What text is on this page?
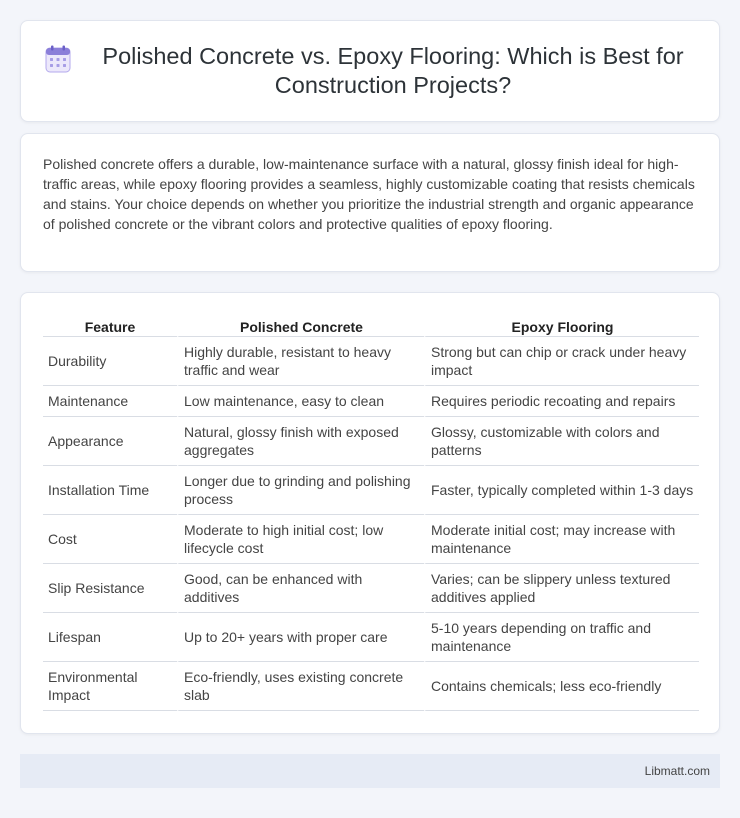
Polished Concrete vs. Epoxy Flooring: Which is Best for Construction Projects?

Polished concrete offers a durable, low-maintenance surface with a natural, glossy finish ideal for high-traffic areas, while epoxy flooring provides a seamless, highly customizable coating that resists chemicals and stains. Your choice depends on whether you prioritize the industrial strength and organic appearance of polished concrete or the vibrant colors and protective qualities of epoxy flooring.

Feature	Polished Concrete	Epoxy Flooring
Durability	Highly durable, resistant to heavy traffic and wear	Strong but can chip or crack under heavy impact
Maintenance	Low maintenance, easy to clean	Requires periodic recoating and repairs
Appearance	Natural, glossy finish with exposed aggregates	Glossy, customizable with colors and patterns
Installation Time	Longer due to grinding and polishing process	Faster, typically completed within 1-3 days
Cost	Moderate to high initial cost; low lifecycle cost	Moderate initial cost; may increase with maintenance
Slip Resistance	Good, can be enhanced with additives	Varies; can be slippery unless textured additives applied
Lifespan	Up to 20+ years with proper care	5-10 years depending on traffic and maintenance
Environmental Impact	Eco-friendly, uses existing concrete slab	Contains chemicals; less eco-friendly
Libmatt.com
